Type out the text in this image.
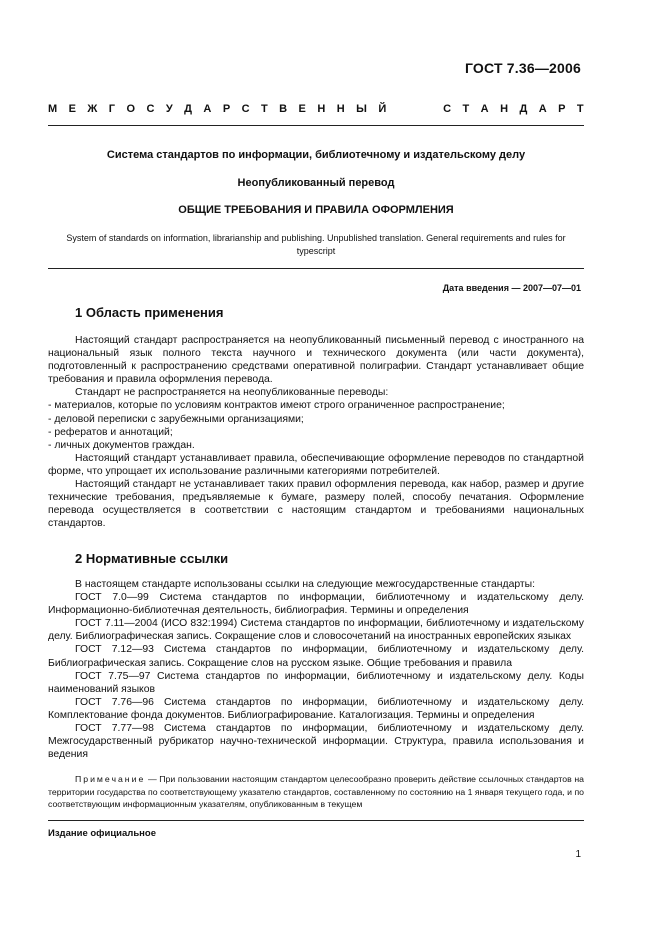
ГОСТ 7.36—2006
М Е Ж Г О С У Д А Р С Т В Е Н Н Ы Й	С Т А Н Д А Р Т
Система стандартов по информации, библиотечному и издательскому делу
Неопубликованный перевод
ОБЩИЕ ТРЕБОВАНИЯ И ПРАВИЛА ОФОРМЛЕНИЯ
System of standards on information, librarianship and publishing. Unpublished translation. General requirements and rules for typescript
Дата введения — 2007—07—01
1 Область применения

Настоящий стандарт распространяется на неопубликованный письменный перевод с иностранного на национальный язык полного текста научного и технического документа (или части документа), подготовленный к распространению средствами оперативной полиграфии. Стандарт устанавливает общие требования и правила оформления перевода.

Стандарт не распространяется на неопубликованные переводы:

- материалов, которые по условиям контрактов имеют строго ограниченное распространение;

- деловой переписки с зарубежными организациями;

- рефератов и аннотаций;

- личных документов граждан.

Настоящий стандарт устанавливает правила, обеспечивающие оформление переводов по стандартной форме, что упрощает их использование различными категориями потребителей.

Настоящий стандарт не устанавливает таких правил оформления перевода, как набор, размер и другие технические требования, предъявляемые к бумаге, размеру полей, способу печатания. Оформление перевода осуществляется в соответствии с настоящим стандартом и требованиями национальных стандартов.

2 Нормативные ссылки

В настоящем стандарте использованы ссылки на следующие межгосударственные стандарты:

ГОСТ 7.0—99 Система стандартов по информации, библиотечному и издательскому делу. Информационно-библиотечная деятельность, библиография. Термины и определения

ГОСТ 7.11—2004 (ИСО 832:1994) Система стандартов по информации, библиотечному и издательскому делу. Библиографическая запись. Сокращение слов и словосочетаний на иностранных европейских языках

ГОСТ 7.12—93 Система стандартов по информации, библиотечному и издательскому делу. Библиографическая запись. Сокращение слов на русском языке. Общие требования и правила

ГОСТ 7.75—97 Система стандартов по информации, библиотечному и издательскому делу. Коды наименований языков

ГОСТ 7.76—96 Система стандартов по информации, библиотечному и издательскому делу. Комплектование фонда документов. Библиографирование. Каталогизация. Термины и определения

ГОСТ 7.77—98 Система стандартов по информации, библиотечному и издательскому делу. Межгосударственный рубрикатор научно-технической информации. Структура, правила использования и ведения

Примечание — При пользовании настоящим стандартом целесообразно проверить действие ссылочных стандартов на территории государства по соответствующему указателю стандартов, составленному по состоянию на 1 января текущего года, и по соответствующим информационным указателям, опубликованным в текущем

Издание официальное
1
